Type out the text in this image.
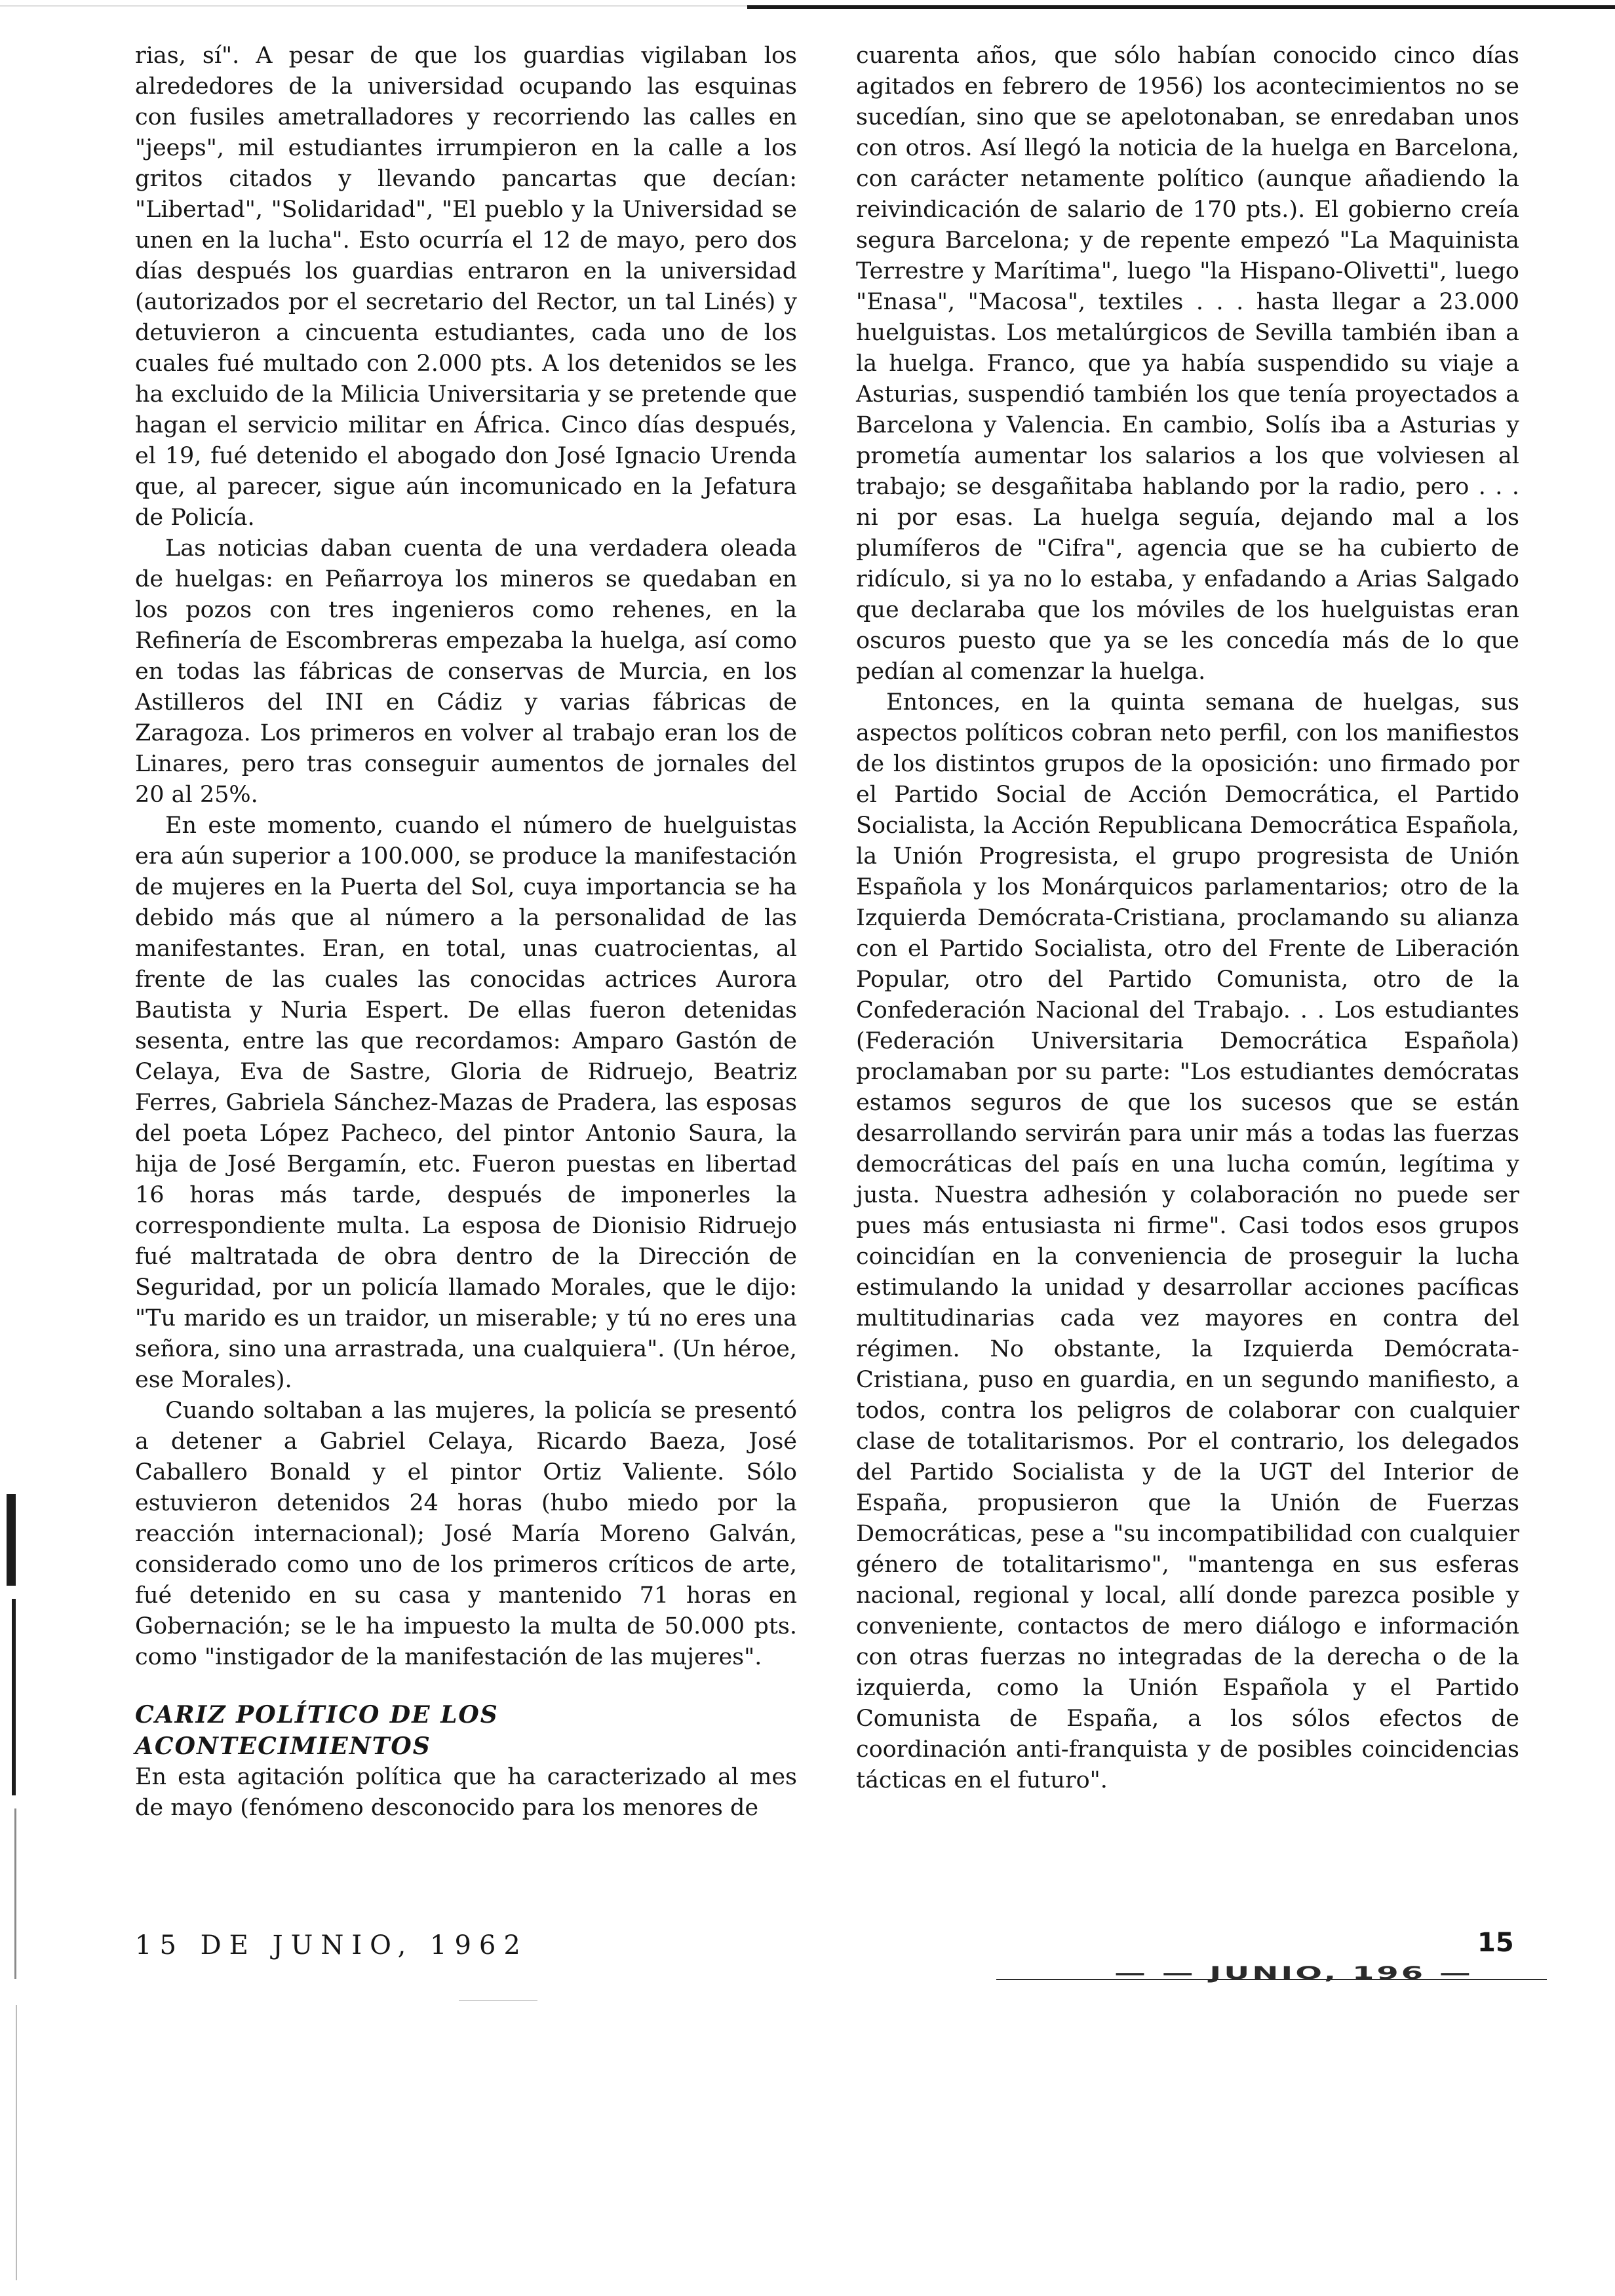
rias, sí". A pesar de que los guardias vigilaban los alrededores de la universidad ocupando las esquinas con fusiles ametralladores y recorriendo las calles en "jeeps", mil estudiantes irrumpieron en la calle a los gritos citados y llevando pancartas que decían: "Libertad", "Solidaridad", "El pueblo y la Universidad se unen en la lucha". Esto ocurría el 12 de mayo, pero dos días después los guardias entraron en la universidad (autorizados por el secretario del Rector, un tal Linés) y detuvieron a cincuenta estudiantes, cada uno de los cuales fué multado con 2.000 pts. A los detenidos se les ha excluido de la Milicia Universitaria y se pretende que hagan el servicio militar en África. Cinco días después, el 19, fué detenido el abogado don José Ignacio Urenda que, al parecer, sigue aún incomunicado en la Jefatura de Policía.

Las noticias daban cuenta de una verdadera oleada de huelgas: en Peñarroya los mineros se quedaban en los pozos con tres ingenieros como rehenes, en la Refinería de Escombreras empezaba la huelga, así como en todas las fábricas de conservas de Murcia, en los Astilleros del INI en Cádiz y varias fábricas de Zaragoza. Los primeros en volver al trabajo eran los de Linares, pero tras conseguir aumentos de jornales del 20 al 25%.

En este momento, cuando el número de huelguistas era aún superior a 100.000, se produce la manifestación de mujeres en la Puerta del Sol, cuya importancia se ha debido más que al número a la personalidad de las manifestantes. Eran, en total, unas cuatrocientas, al frente de las cuales las conocidas actrices Aurora Bautista y Nuria Espert. De ellas fueron detenidas sesenta, entre las que recordamos: Amparo Gastón de Celaya, Eva de Sastre, Gloria de Ridruejo, Beatriz Ferres, Gabriela Sánchez-Mazas de Pradera, las esposas del poeta López Pacheco, del pintor Antonio Saura, la hija de José Bergamín, etc. Fueron puestas en libertad 16 horas más tarde, después de imponerles la correspondiente multa. La esposa de Dionisio Ridruejo fué maltratada de obra dentro de la Dirección de Seguridad, por un policía llamado Morales, que le dijo: "Tu marido es un traidor, un miserable; y tú no eres una señora, sino una arrastrada, una cualquiera". (Un héroe, ese Morales).

Cuando soltaban a las mujeres, la policía se presentó a detener a Gabriel Celaya, Ricardo Baeza, José Caballero Bonald y el pintor Ortiz Valiente. Sólo estuvieron detenidos 24 horas (hubo miedo por la reacción internacional); José María Moreno Galván, considerado como uno de los primeros críticos de arte, fué detenido en su casa y mantenido 71 horas en Gobernación; se le ha impuesto la multa de 50.000 pts. como "instigador de la manifestación de las mujeres".

CARIZ POLÍTICO DE LOS ACONTECIMIENTOS

En esta agitación política que ha caracterizado al mes de mayo (fenómeno desconocido para los menores de

cuarenta años, que sólo habían conocido cinco días agitados en febrero de 1956) los acontecimientos no se sucedían, sino que se apelotonaban, se enredaban unos con otros. Así llegó la noticia de la huelga en Barcelona, con carácter netamente político (aunque añadiendo la reivindicación de salario de 170 pts.). El gobierno creía segura Barcelona; y de repente empezó "La Maquinista Terrestre y Marítima", luego "la Hispano-Olivetti", luego "Enasa", "Macosa", textiles . . . hasta llegar a 23.000 huelguistas. Los metalúrgicos de Sevilla también iban a la huelga. Franco, que ya había suspendido su viaje a Asturias, suspendió también los que tenía proyectados a Barcelona y Valencia. En cambio, Solís iba a Asturias y prometía aumentar los salarios a los que volviesen al trabajo; se desgañitaba hablando por la radio, pero . . . ni por esas. La huelga seguía, dejando mal a los plumíferos de "Cifra", agencia que se ha cubierto de ridículo, si ya no lo estaba, y enfadando a Arias Salgado que declaraba que los móviles de los huelguistas eran oscuros puesto que ya se les concedía más de lo que pedían al comenzar la huelga.

Entonces, en la quinta semana de huelgas, sus aspectos políticos cobran neto perfil, con los manifiestos de los distintos grupos de la oposición: uno firmado por el Partido Social de Acción Democrática, el Partido Socialista, la Acción Republicana Democrática Española, la Unión Progresista, el grupo progresista de Unión Española y los Monárquicos parlamentarios; otro de la Izquierda Demócrata-Cristiana, proclamando su alianza con el Partido Socialista, otro del Frente de Liberación Popular, otro del Partido Comunista, otro de la Confederación Nacional del Trabajo. . . Los estudiantes (Federación Universitaria Democrática Española) proclamaban por su parte: "Los estudiantes demócratas estamos seguros de que los sucesos que se están desarrollando servirán para unir más a todas las fuerzas democráticas del país en una lucha común, legítima y justa. Nuestra adhesión y colaboración no puede ser pues más entusiasta ni firme". Casi todos esos grupos coincidían en la conveniencia de proseguir la lucha estimulando la unidad y desarrollar acciones pacíficas multitudinarias cada vez mayores en contra del régimen. No obstante, la Izquierda Demócrata-Cristiana, puso en guardia, en un segundo manifiesto, a todos, contra los peligros de colaborar con cualquier clase de totalitarismos. Por el contrario, los delegados del Partido Socialista y de la UGT del Interior de España, propusieron que la Unión de Fuerzas Democráticas, pese a "su incompatibilidad con cualquier género de totalitarismo", "mantenga en sus esferas nacional, regional y local, allí donde parezca posible y conveniente, contactos de mero diálogo e información con otras fuerzas no integradas de la derecha o de la izquierda, como la Unión Española y el Partido Comunista de España, a los sólos efectos de coordinación anti-franquista y de posibles coincidencias tácticas en el futuro".

15 DE JUNIO, 1962	15
— — JUNIO, 196 —
